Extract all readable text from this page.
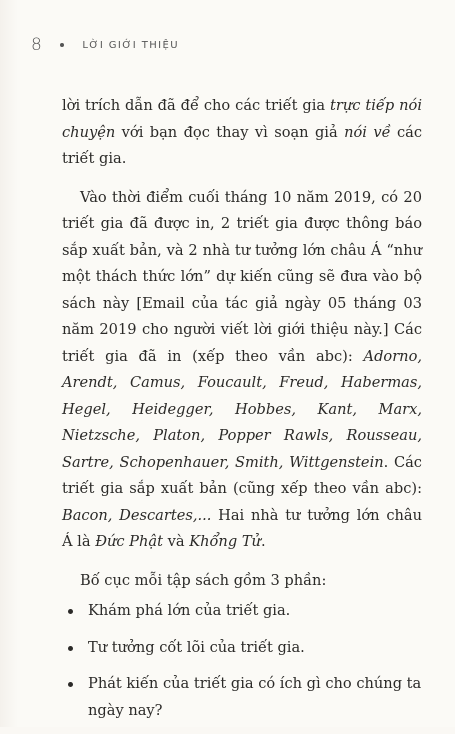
8	LỜI GIỚI THIỆU

lời trích dẫn đã để cho các triết gia trực tiếp nói chuyện với bạn đọc thay vì soạn giả nói về các triết gia.

Vào thời điểm cuối tháng 10 năm 2019, có 20 triết gia đã được in, 2 triết gia được thông báo sắp xuất bản, và 2 nhà tư tưởng lớn châu Á “như một thách thức lớn” dự kiến cũng sẽ đưa vào bộ sách này [Email của tác giả ngày 05 tháng 03 năm 2019 cho người viết lời giới thiệu này.] Các triết gia đã in (xếp theo vần abc): Adorno, Arendt, Camus, Foucault, Freud, Habermas, Hegel, Heidegger, Hobbes, Kant, Marx, Nietzsche, Platon, Popper Rawls, Rousseau, Sartre, Schopenhauer, Smith, Wittgenstein. Các triết gia sắp xuất bản (cũng xếp theo vần abc): Bacon, Descartes,... Hai nhà tư tưởng lớn châu Á là Đức Phật và Khổng Tử.

Bố cục mỗi tập sách gồm 3 phần:

Khám phá lớn của triết gia.
Tư tưởng cốt lõi của triết gia.
Phát kiến của triết gia có ích gì cho chúng ta ngày nay?
